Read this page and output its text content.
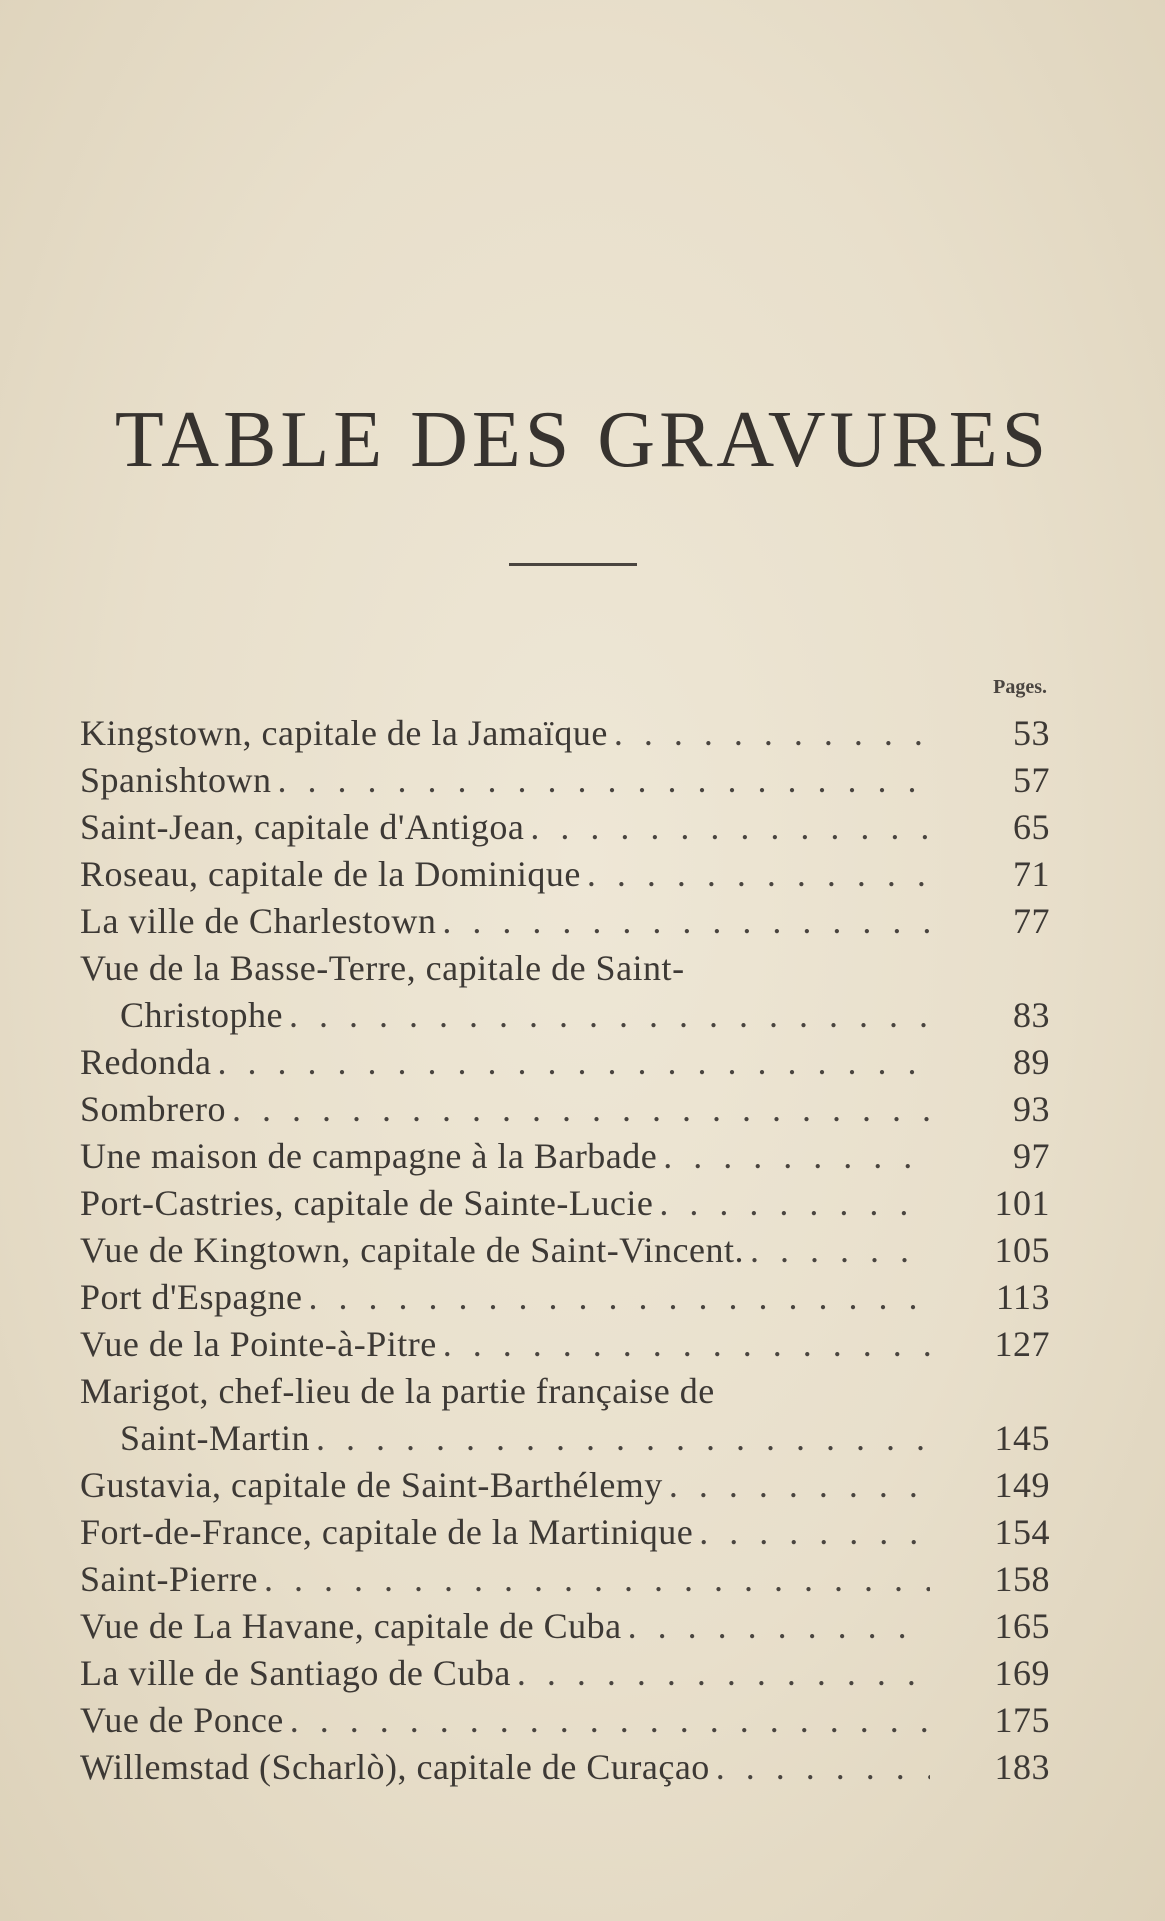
TABLE DES GRAVURES
Pages.
Kingstown, capitale de la Jamaïque . . .	53
Spanishtown . . .	57
Saint-Jean, capitale d'Antigoa . . .	65
Roseau, capitale de la Dominique . . .	71
La ville de Charlestown . . .	77
Vue de la Basse-Terre, capitale de Saint-
Christophe . . .	83
Redonda . . .	89
Sombrero . . .	93
Une maison de campagne à la Barbade . . .	97
Port-Castries, capitale de Sainte-Lucie . . .	101
Vue de Kingtown, capitale de Saint-Vincent. . . .	105
Port d'Espagne . . .	113
Vue de la Pointe-à-Pitre . . .	127
Marigot, chef-lieu de la partie française de
Saint-Martin . . .	145
Gustavia, capitale de Saint-Barthélemy . . .	149
Fort-de-France, capitale de la Martinique . . .	154
Saint-Pierre . . .	158
Vue de La Havane, capitale de Cuba . . .	165
La ville de Santiago de Cuba . . .	169
Vue de Ponce . . .	175
Willemstad (Scharlò), capitale de Curaçao . . .	183
